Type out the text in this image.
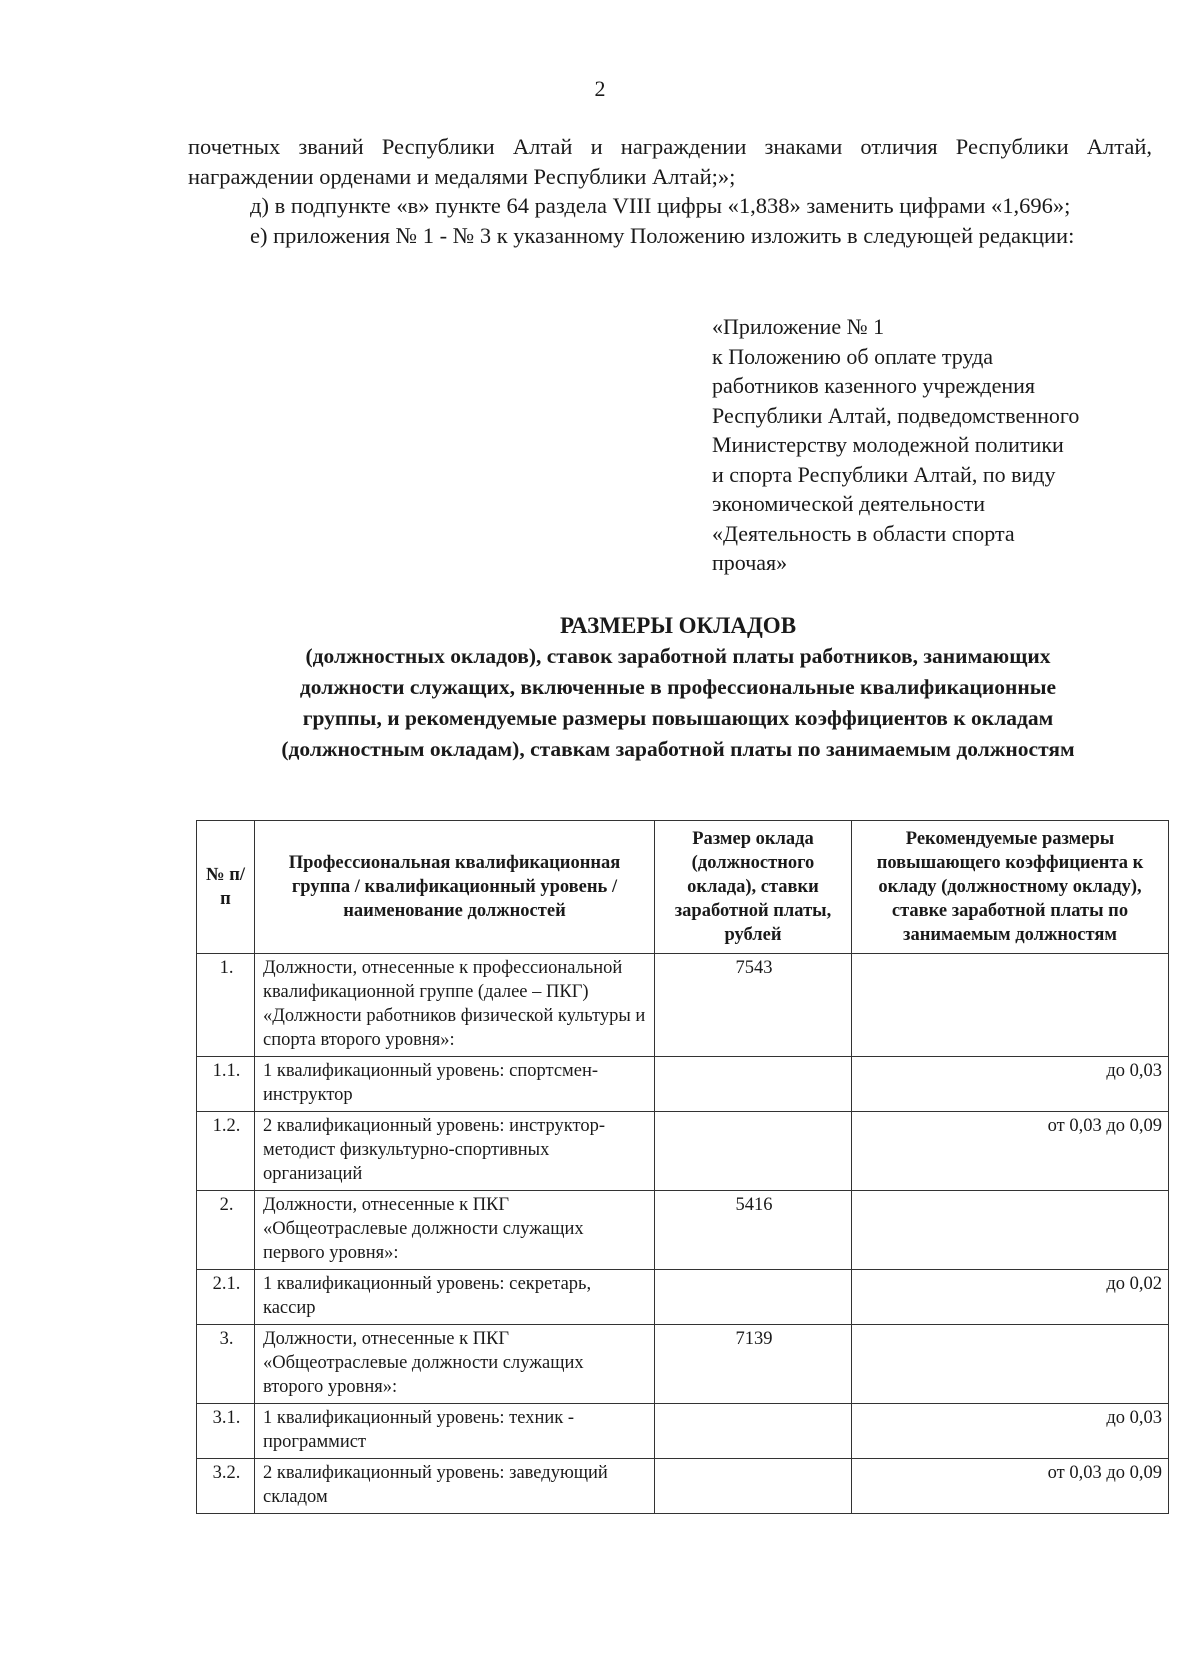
2

почетных званий Республики Алтай и награждении знаками отличия Республики Алтай, награждении орденами и медалями Республики Алтай;»;

д) в подпункте «в» пункте 64 раздела VIII цифры «1,838» заменить цифрами «1,696»;

е) приложения № 1 - № 3 к указанному Положению изложить в следующей редакции:

«Приложение № 1
к Положению об оплате труда
работников казенного учреждения
Республики Алтай, подведомственного
Министерству молодежной политики
и спорта Республики Алтай, по виду
экономической деятельности
«Деятельность в области спорта
прочая»
РАЗМЕРЫ ОКЛАДОВ
(должностных окладов), ставок заработной платы работников, занимающих
должности служащих, включенные в профессиональные квалификационные
группы, и рекомендуемые размеры повышающих коэффициентов к окладам
(должностным окладам), ставкам заработной платы по занимаемым должностям
№ п/п	Профессиональная квалификационная группа / квалификационный уровень / наименование должностей	Размер оклада (должностного оклада), ставки заработной платы, рублей	Рекомендуемые размеры повышающего коэффициента к окладу (должностному окладу), ставке заработной платы по занимаемым должностям
1.	Должности, отнесенные к профессиональной квалификационной группе (далее – ПКГ) «Должности работников физической культуры и спорта второго уровня»:	7543	
1.1.	1 квалификационный уровень: спортсмен-инструктор		до 0,03
1.2.	2 квалификационный уровень: инструктор-методист физкультурно-спортивных организаций		от 0,03 до 0,09
2.	Должности, отнесенные к ПКГ «Общеотраслевые должности служащих первого уровня»:	5416	
2.1.	1 квалификационный уровень: секретарь, кассир		до 0,02
3.	Должности, отнесенные к ПКГ «Общеотраслевые должности служащих второго уровня»:	7139	
3.1.	1 квалификационный уровень: техник - программист		до 0,03
3.2.	2 квалификационный уровень: заведующий складом		от 0,03 до 0,09
